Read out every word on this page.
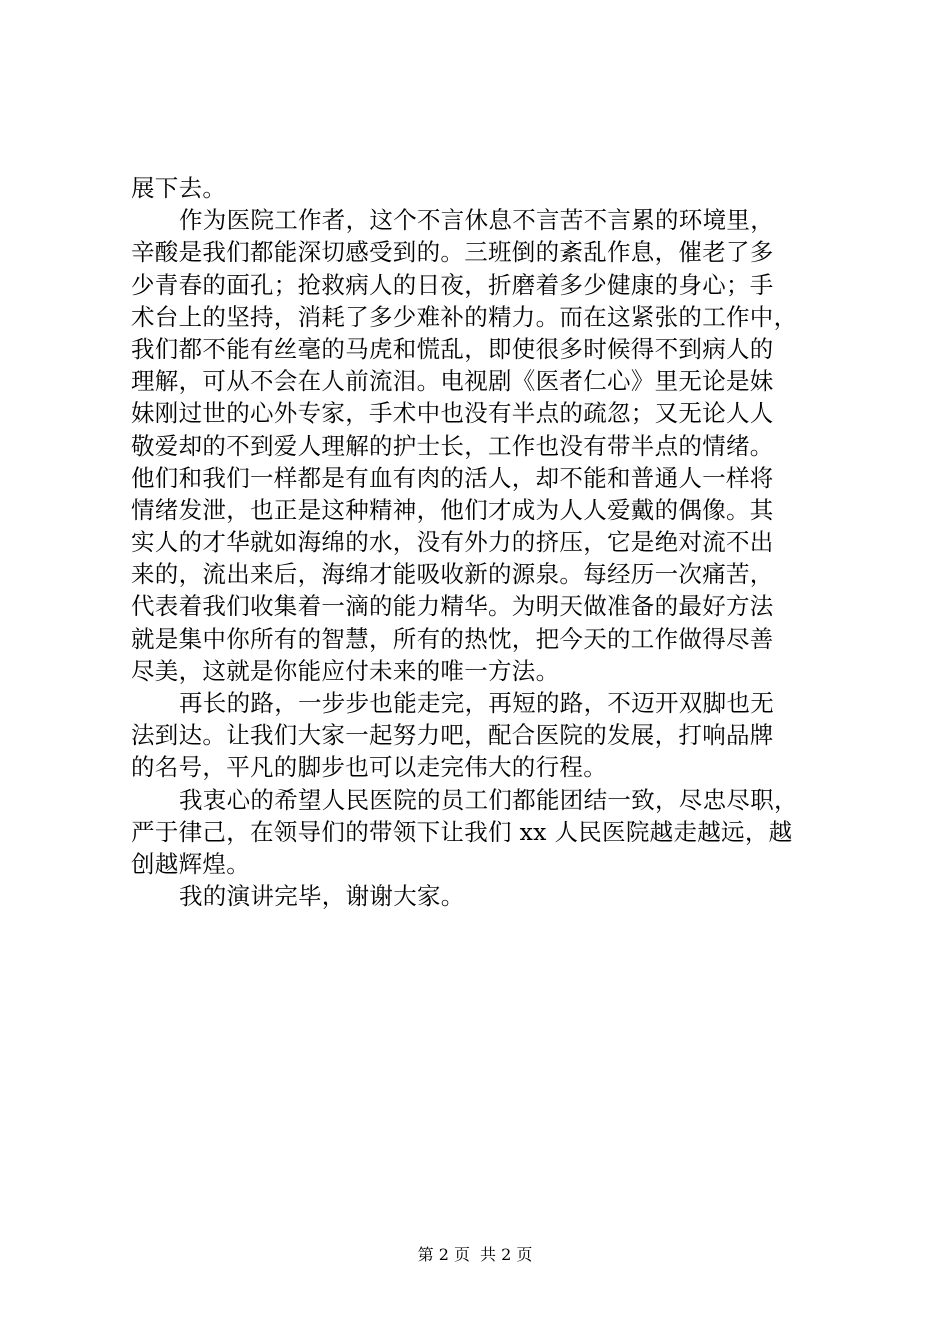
展下去。
作为医院工作者，这个不言休息不言苦不言累的环境里，
辛酸是我们都能深切感受到的。三班倒的紊乱作息，催老了多
少青春的面孔；抢救病人的日夜，折磨着多少健康的身心；手
术台上的坚持，消耗了多少难补的精力。而在这紧张的工作中，
我们都不能有丝毫的马虎和慌乱，即使很多时候得不到病人的
理解，可从不会在人前流泪。电视剧《医者仁心》里无论是妹
妹刚过世的心外专家，手术中也没有半点的疏忽；又无论人人
敬爱却的不到爱人理解的护士长，工作也没有带半点的情绪。
他们和我们一样都是有血有肉的活人，却不能和普通人一样将
情绪发泄，也正是这种精神，他们才成为人人爱戴的偶像。其
实人的才华就如海绵的水，没有外力的挤压，它是绝对流不出
来的，流出来后，海绵才能吸收新的源泉。每经历一次痛苦，
代表着我们收集着一滴的能力精华。为明天做准备的最好方法
就是集中你所有的智慧，所有的热忱，把今天的工作做得尽善
尽美，这就是你能应付未来的唯一方法。
再长的路，一步步也能走完，再短的路，不迈开双脚也无
法到达。让我们大家一起努力吧，配合医院的发展，打响品牌
的名号，平凡的脚步也可以走完伟大的行程。
我衷心的希望人民医院的员工们都能团结一致，尽忠尽职，
严于律己，在领导们的带领下让我们 xx 人民医院越走越远，越
创越辉煌。
我的演讲完毕，谢谢大家。
第 2 页 共 2 页
